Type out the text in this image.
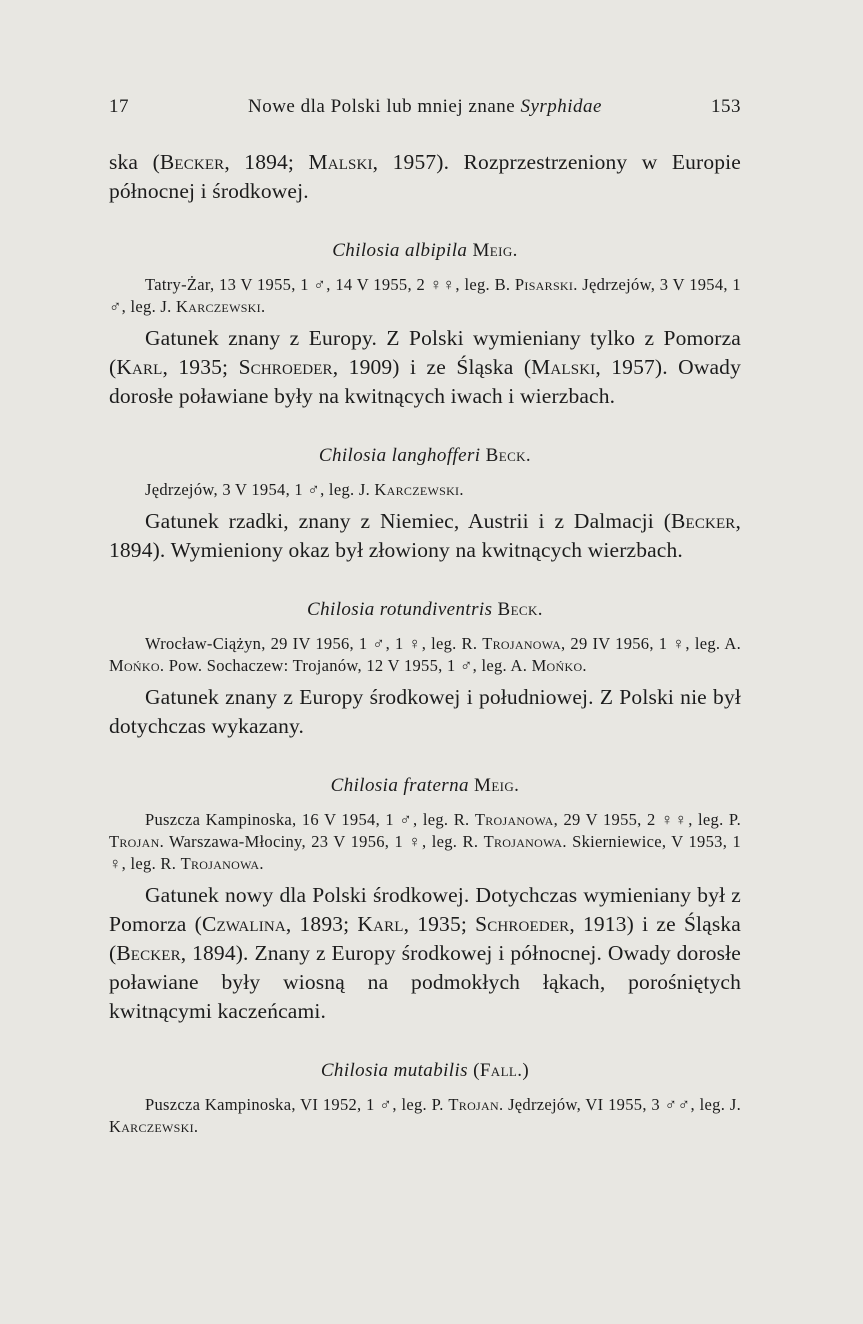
17	Nowe dla Polski lub mniej znane Syrphidae	153

ska (Becker, 1894; Malski, 1957). Rozprzestrzeniony w Europie północnej i środkowej.

Chilosia albipila Meig.

Tatry-Żar, 13 V 1955, 1 ♂, 14 V 1955, 2 ♀♀, leg. B. Pisarski. Jędrzejów, 3 V 1954, 1 ♂, leg. J. Karczewski.

Gatunek znany z Europy. Z Polski wymieniany tylko z Pomorza (Karl, 1935; Schroeder, 1909) i ze Śląska (Malski, 1957). Owady dorosłe poławiane były na kwitnących iwach i wierzbach.

Chilosia langhofferi Beck.

Jędrzejów, 3 V 1954, 1 ♂, leg. J. Karczewski.

Gatunek rzadki, znany z Niemiec, Austrii i z Dalmacji (Becker, 1894). Wymieniony okaz był złowiony na kwitnących wierzbach.

Chilosia rotundiventris Beck.

Wrocław-Ciążyn, 29 IV 1956, 1 ♂, 1 ♀, leg. R. Trojanowa, 29 IV 1956, 1 ♀, leg. A. Mońko. Pow. Sochaczew: Trojanów, 12 V 1955, 1 ♂, leg. A. Mońko.

Gatunek znany z Europy środkowej i południowej. Z Polski nie był dotychczas wykazany.

Chilosia fraterna Meig.

Puszcza Kampinoska, 16 V 1954, 1 ♂, leg. R. Trojanowa, 29 V 1955, 2 ♀♀, leg. P. Trojan. Warszawa-Młociny, 23 V 1956, 1 ♀, leg. R. Trojanowa. Skierniewice, V 1953, 1 ♀, leg. R. Trojanowa.

Gatunek nowy dla Polski środkowej. Dotychczas wymieniany był z Pomorza (Czwalina, 1893; Karl, 1935; Schroeder, 1913) i ze Śląska (Becker, 1894). Znany z Europy środkowej i północnej. Owady dorosłe poławiane były wiosną na podmokłych łąkach, porośniętych kwitnącymi kaczeńcami.

Chilosia mutabilis (Fall.)

Puszcza Kampinoska, VI 1952, 1 ♂, leg. P. Trojan. Jędrzejów, VI 1955, 3 ♂♂, leg. J. Karczewski.
